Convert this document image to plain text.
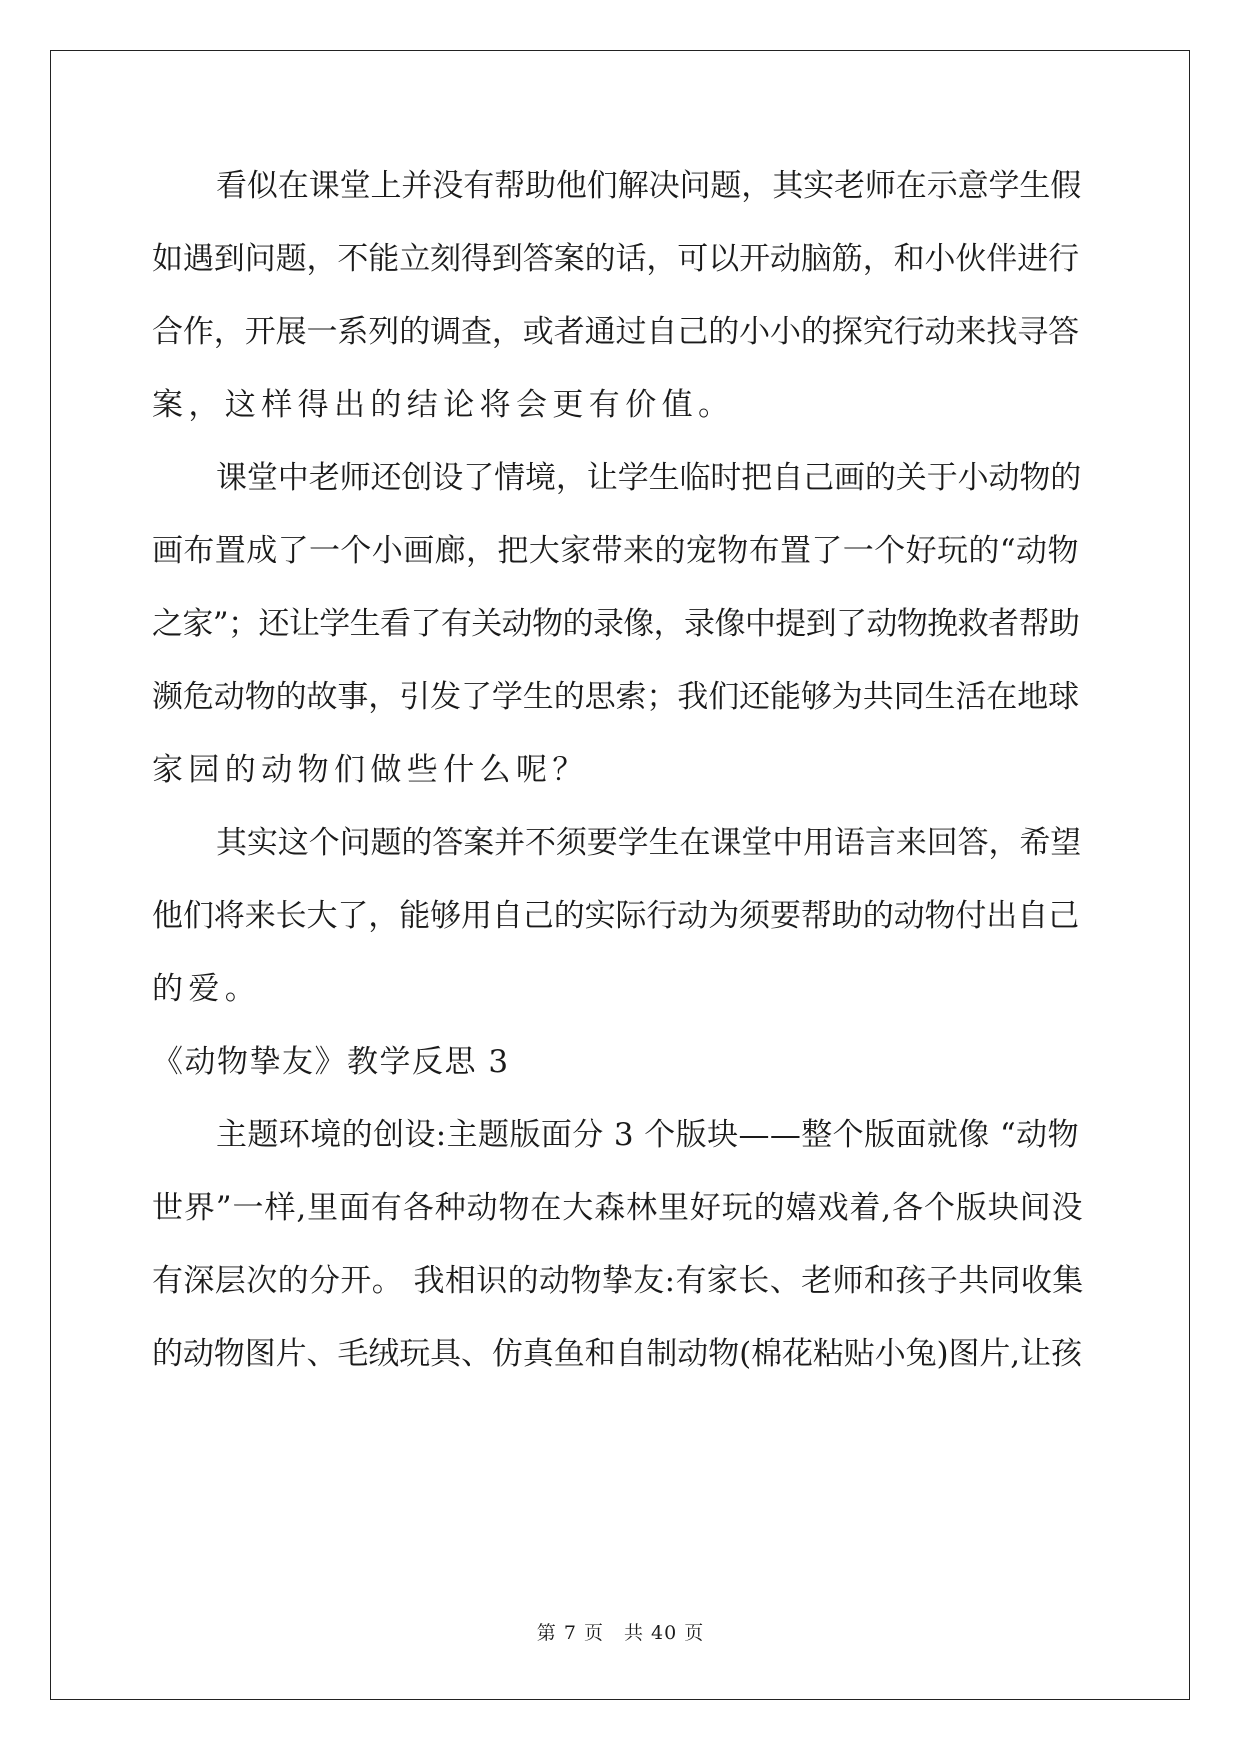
看似在课堂上并没有帮助他们解决问题，其实老师在示意学生假
如遇到问题，不能立刻得到答案的话，可以开动脑筋，和小伙伴进行
合作，开展一系列的调查，或者通过自己的小小的探究行动来找寻答
案，这样得出的结论将会更有价值。
课堂中老师还创设了情境，让学生临时把自己画的关于小动物的
画布置成了一个小画廊，把大家带来的宠物布置了一个好玩的“动物
之家”；还让学生看了有关动物的录像，录像中提到了动物挽救者帮助
濒危动物的故事，引发了学生的思索；我们还能够为共同生活在地球
家园的动物们做些什么呢？
其实这个问题的答案并不须要学生在课堂中用语言来回答，希望
他们将来长大了，能够用自己的实际行动为须要帮助的动物付出自己
的爱。
《动物挚友》教学反思 3
主题环境的创设:主题版面分 3 个版块——整个版面就像 “动物
世界”一样,里面有各种动物在大森林里好玩的嬉戏着,各个版块间没
有深层次的分开。 我相识的动物挚友:有家长、老师和孩子共同收集
的动物图片、毛绒玩具、仿真鱼和自制动物(棉花粘贴小兔)图片,让孩
第 7 页　共 40 页
